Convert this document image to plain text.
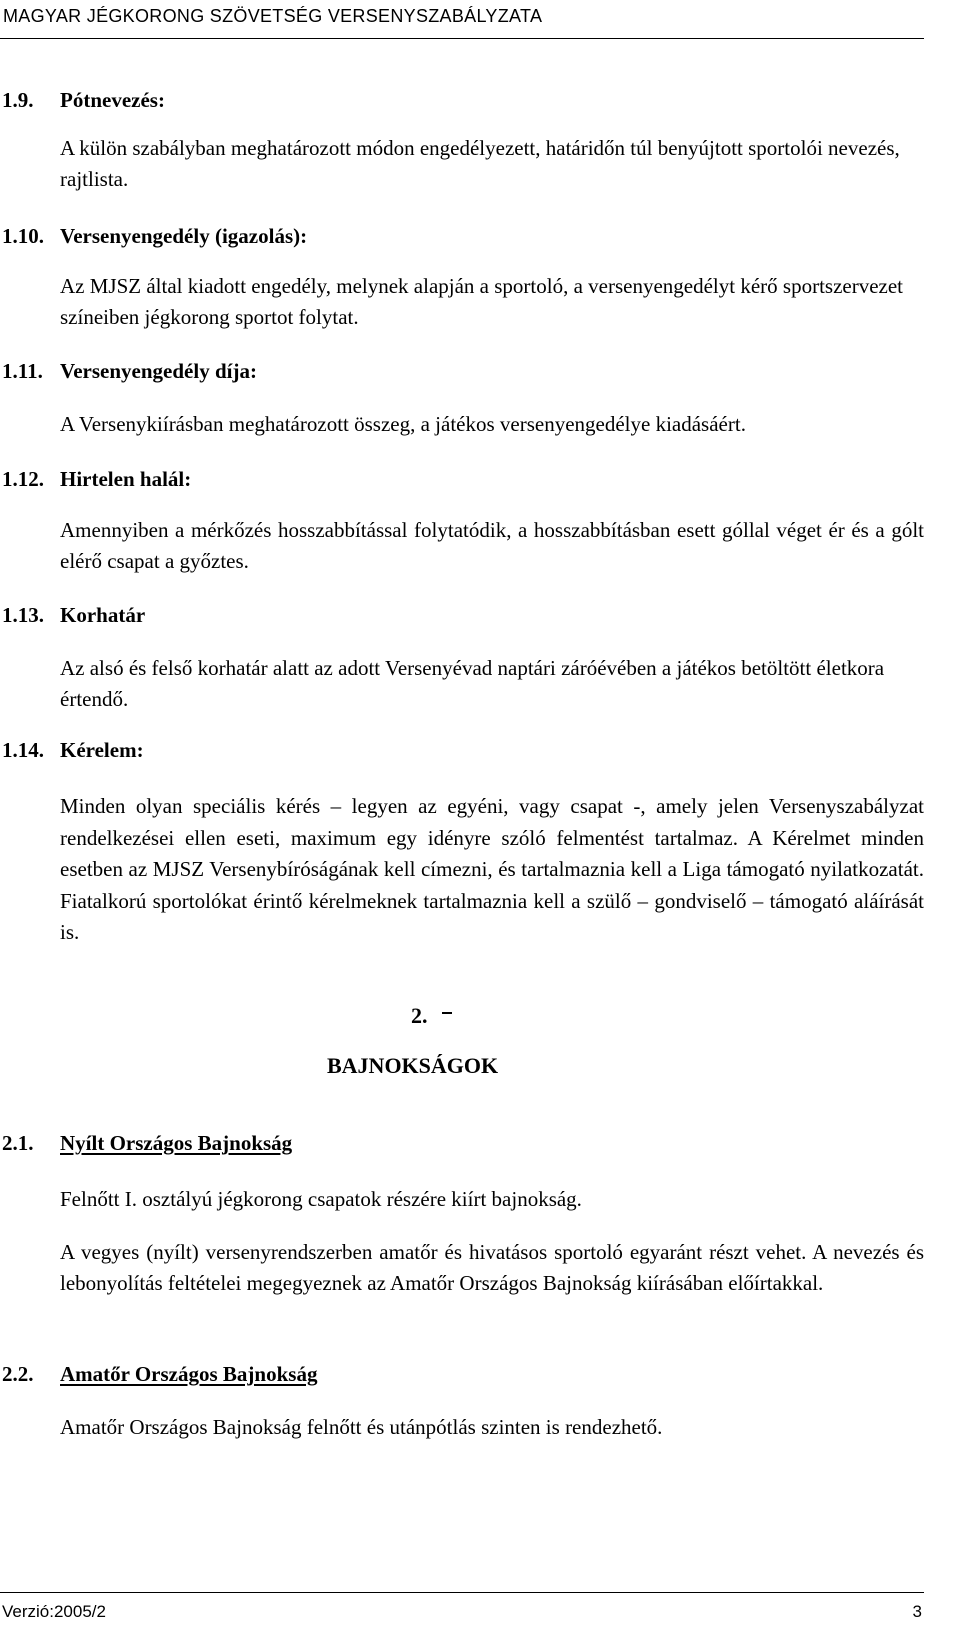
MAGYAR JÉGKORONG SZÖVETSÉG VERSENYSZABÁLYZATA
1.9. Pótnevezés:
A külön szabályban meghatározott módon engedélyezett, határidőn túl benyújtott sportolói nevezés, rajtlista.
1.10. Versenyengedély (igazolás):
Az MJSZ által kiadott engedély, melynek alapján a sportoló, a versenyengedélyt kérő sportszervezet színeiben jégkorong sportot folytat.
1.11. Versenyengedély díja:
A Versenykiírásban meghatározott összeg, a játékos versenyengedélye kiadásáért.
1.12. Hirtelen halál:
Amennyiben a mérkőzés hosszabbítással folytatódik, a hosszabbításban esett góllal véget ér és a gólt elérő csapat a győztes.
1.13. Korhatár
Az alsó és felső korhatár alatt az adott Versenyévad naptári záróévében a játékos betöltött életkora értendő.
1.14. Kérelem:
Minden olyan speciális kérés – legyen az egyéni, vagy csapat -, amely jelen Versenyszabályzat rendelkezései ellen eseti, maximum egy idényre szóló felmentést tartalmaz. A Kérelmet minden esetben az MJSZ Versenybíróságának kell címezni, és tartalmaznia kell a Liga támogató nyilatkozatát. Fiatalkorú sportolókat érintő kérelmeknek tartalmaznia kell a szülő – gondviselő – támogató aláírását is.
2.
BAJNOKSÁGOK
2.1. Nyílt Országos Bajnokság
Felnőtt I. osztályú jégkorong csapatok részére kiírt bajnokság.
A vegyes (nyílt) versenyrendszerben amatőr és hivatásos sportoló egyaránt részt vehet. A nevezés és lebonyolítás feltételei megegyeznek az Amatőr Országos Bajnokság kiírásában előírtakkal.
2.2. Amatőr Országos Bajnokság
Amatőr Országos Bajnokság felnőtt és utánpótlás szinten is rendezhető.
Verzió:2005/2	3
